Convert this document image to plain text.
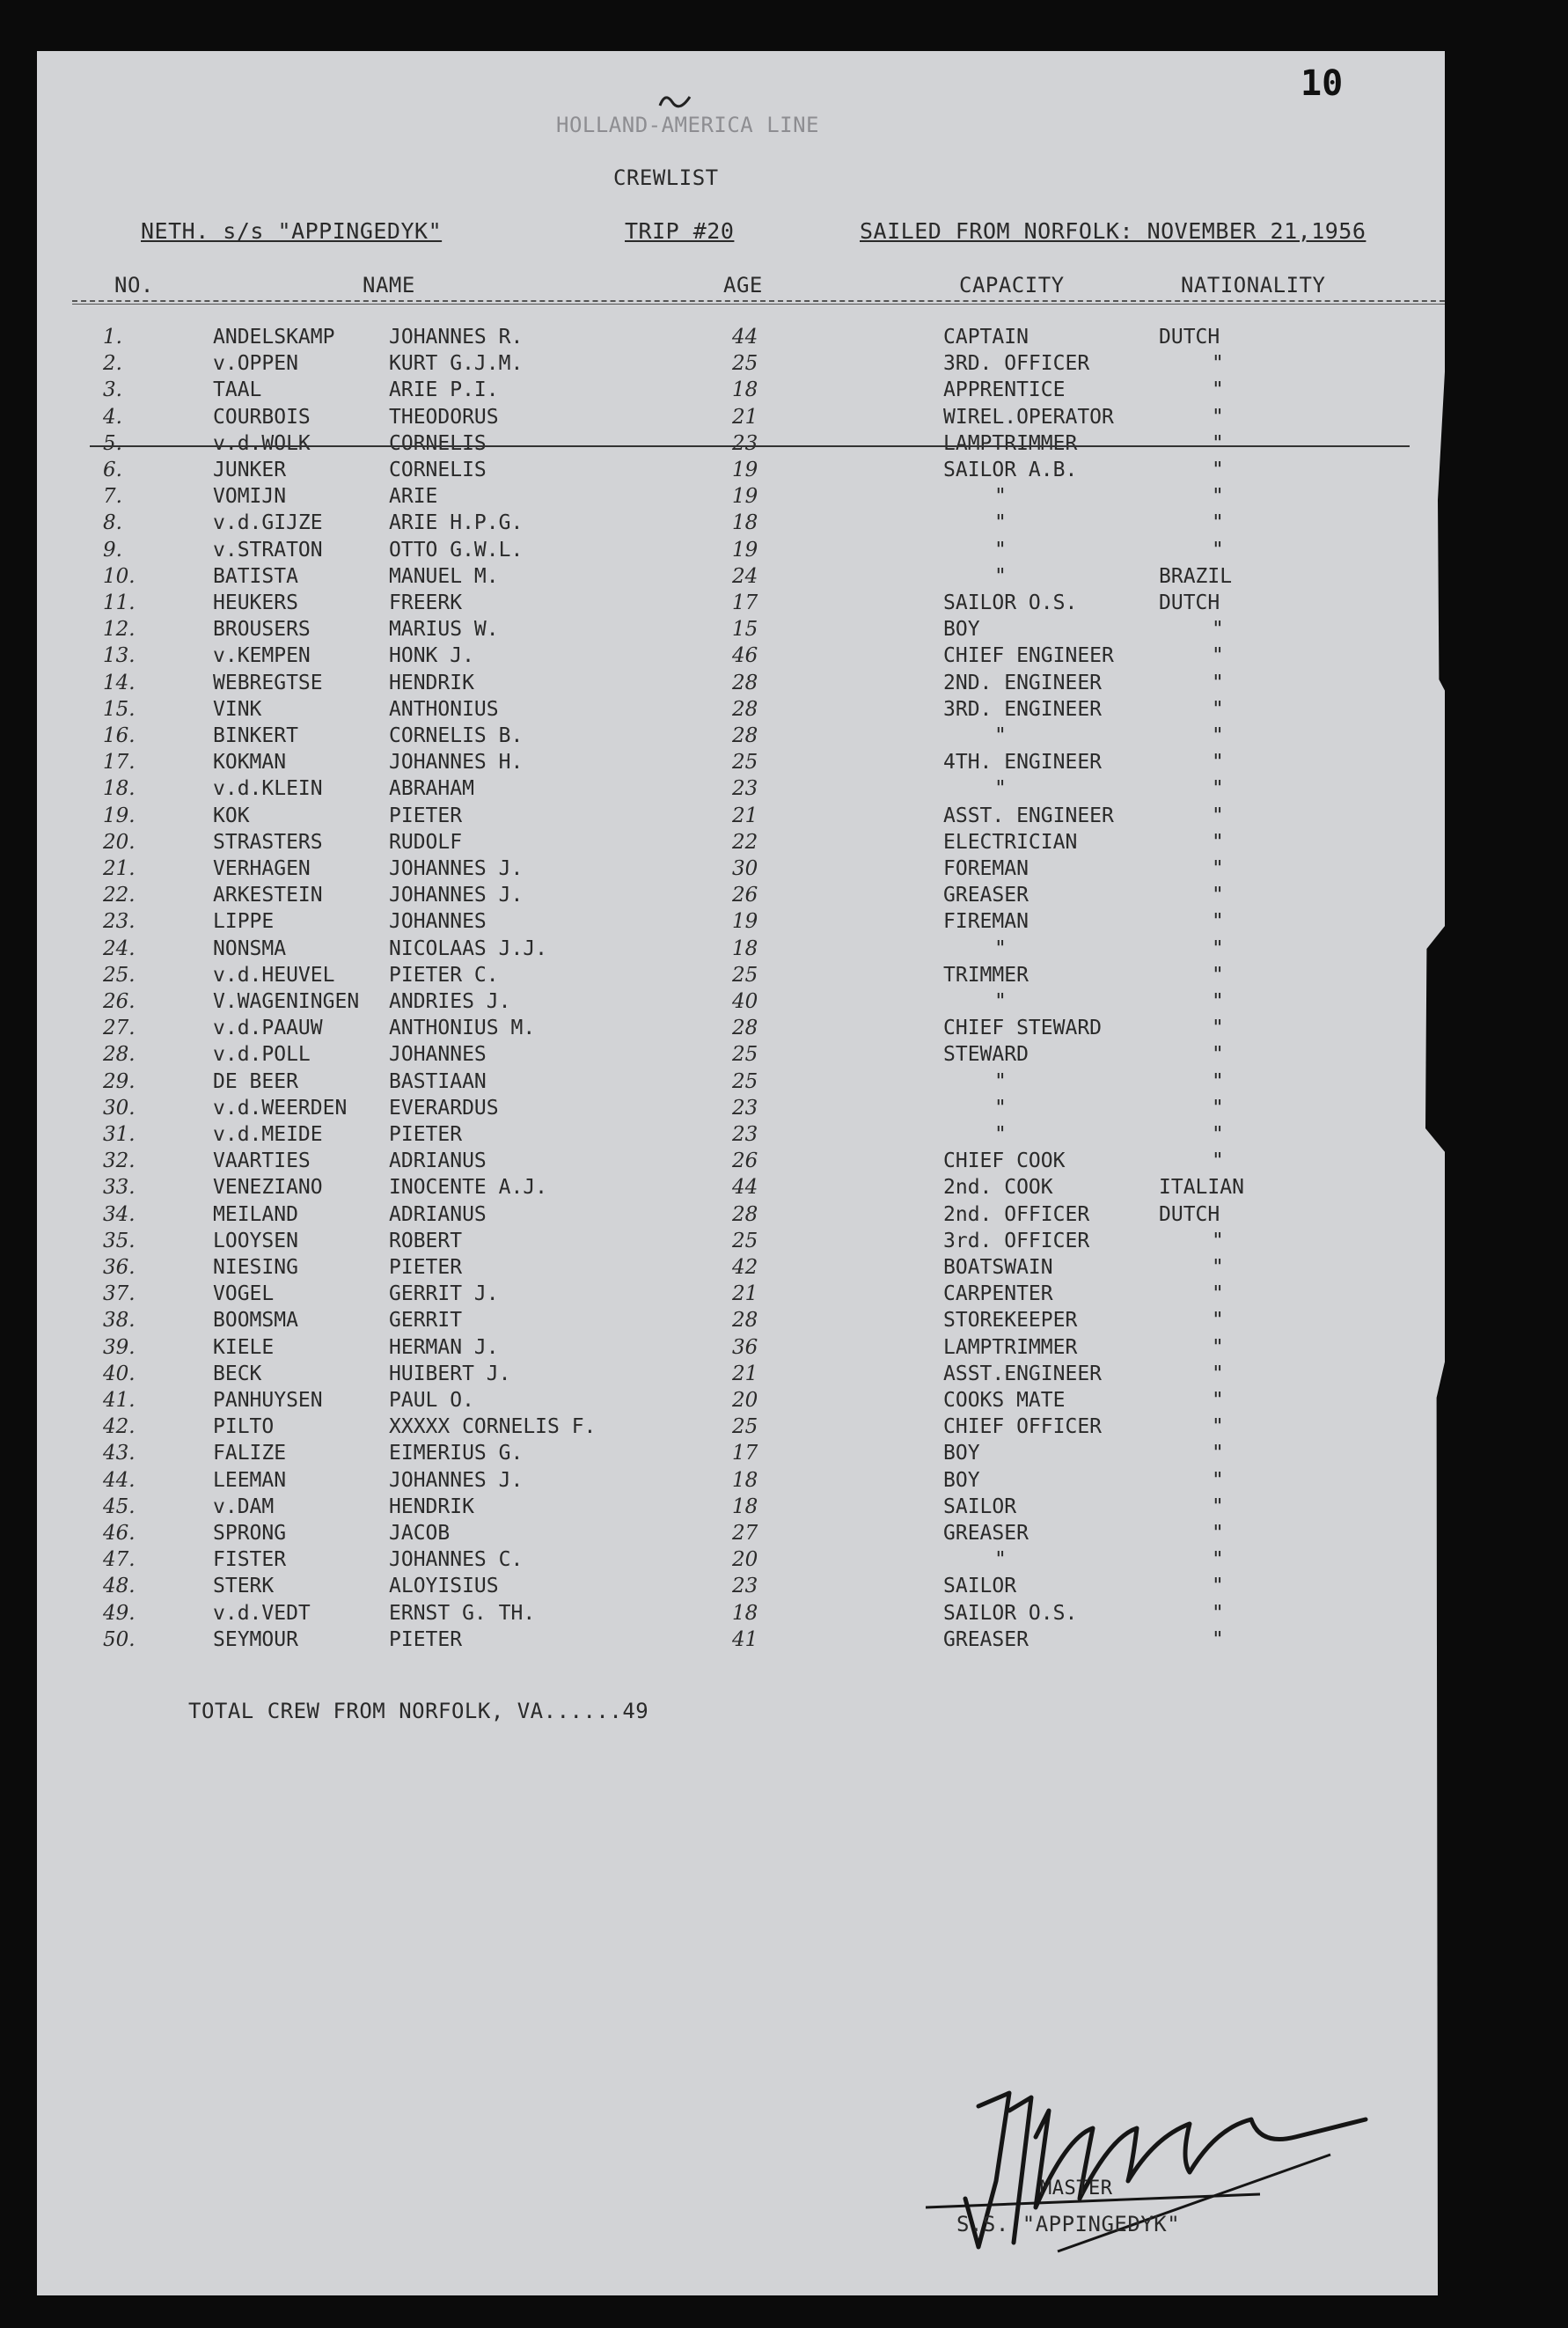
HOLLAND-AMERICA LINE
CREWLIST
NETH. s/s "APPINGEDYK"	TRIP #20	SAILED FROM NORFOLK: NOVEMBER 21,1956
NO.	NAME	AGE	CAPACITY	NATIONALITY
1.	ANDELSKAMP	JOHANNES R.	44	CAPTAIN	DUTCH
2.	v.OPPEN	KURT G.J.M.	25	3RD. OFFICER	"
3.	TAAL	ARIE P.I.	18	APPRENTICE	"
4.	COURBOIS	THEODORUS	21	WIREL.OPERATOR	"
5.	v.d.WOLK	CORNELIS	23	LAMPTRIMMER	"
6.	JUNKER	CORNELIS	19	SAILOR A.B.	"
7.	VOMIJN	ARIE	19	"	"
8.	v.d.GIJZE	ARIE H.P.G.	18	"	"
9.	v.STRATON	OTTO G.W.L.	19	"	"
10.	BATISTA	MANUEL M.	24	"	BRAZIL
11.	HEUKERS	FREERK	17	SAILOR O.S.	DUTCH
12.	BROUSERS	MARIUS W.	15	BOY	"
13.	v.KEMPEN	HONK J.	46	CHIEF ENGINEER	"
14.	WEBREGTSE	HENDRIK	28	2ND. ENGINEER	"
15.	VINK	ANTHONIUS	28	3RD. ENGINEER	"
16.	BINKERT	CORNELIS B.	28	"	"
17.	KOKMAN	JOHANNES H.	25	4TH. ENGINEER	"
18.	v.d.KLEIN	ABRAHAM	23	"	"
19.	KOK	PIETER	21	ASST. ENGINEER	"
20.	STRASTERS	RUDOLF	22	ELECTRICIAN	"
21.	VERHAGEN	JOHANNES J.	30	FOREMAN	"
22.	ARKESTEIN	JOHANNES J.	26	GREASER	"
23.	LIPPE	JOHANNES	19	FIREMAN	"
24.	NONSMA	NICOLAAS J.J.	18	"	"
25.	v.d.HEUVEL	PIETER C.	25	TRIMMER	"
26.	V.WAGENINGEN ANDRIES J.	40	"	"
27.	v.d.PAAUW	ANTHONIUS M.	28	CHIEF STEWARD	"
28.	v.d.POLL	JOHANNES	25	STEWARD	"
29.	DE BEER	BASTIAAN	25	"	"
30.	v.d.WEERDEN EVERARDUS	23	"	"
31.	v.d.MEIDE	PIETER	23	"	"
32.	VAARTIES	ADRIANUS	26	CHIEF COOK	"
33.	VENEZIANO	INOCENTE A.J.	44	2nd. COOK	ITALIAN
34.	MEILAND	ADRIANUS	28	2nd. OFFICER	DUTCH
35.	LOOYSEN	ROBERT	25	3rd. OFFICER	"
36.	NIESING	PIETER	42	BOATSWAIN	"
37.	VOGEL	GERRIT J.	21	CARPENTER	"
38.	BOOMSMA	GERRIT	28	STOREKEEPER	"
39.	KIELE	HERMAN J.	36	LAMPTRIMMER	"
40.	BECK	HUIBERT J.	21	ASST.ENGINEER	"
41.	PANHUYSEN	PAUL O.	20	COOKS MATE	"
42.	PILTO	XXXXX CORNELIS F.	25	CHIEF OFFICER	"
43.	FALIZE	EIMERIUS G.	17	BOY	"
44.	LEEMAN	JOHANNES J.	18	BOY	"
45.	v.DAM	HENDRIK	18	SAILOR	"
46.	SPRONG	JACOB	27	GREASER	"
47.	FISTER	JOHANNES C.	20	"	"
48.	STERK	ALOYISIUS	23	SAILOR	"
49.	v.d.VEDT	ERNST G. TH.	18	SAILOR O.S.	"
50.	SEYMOUR	PIETER	41	GREASER	"
TOTAL CREW FROM NORFOLK, VA......49
MASTER
S.S. "APPINGEDYK"
10
